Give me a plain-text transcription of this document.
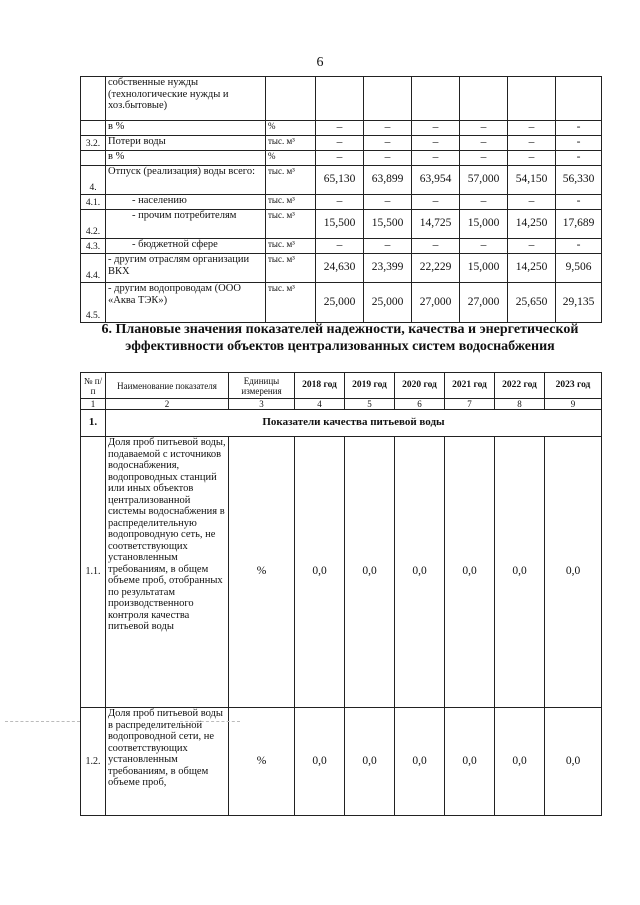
6
	собственные нужды (технологические нужды и хоз.бытовые)							
	в %	%	–	–	–	–	–	-
3.2.	Потери воды	тыс. м³	–	–	–	–	–	-
	в %	%	–	–	–	–	–	-
4.	Отпуск (реализация) воды всего:	тыс. м³	65,130	63,899	63,954	57,000	54,150	56,330
4.1.	- населению	тыс. м³	–	–	–	–	–	-
4.2.	- прочим потребителям	тыс. м³	15,500	15,500	14,725	15,000	14,250	17,689
4.3.	- бюджетной сфере	тыс. м³	–	–	–	–	–	-
4.4.	- другим отраслям организации ВКХ	тыс. м³	24,630	23,399	22,229	15,000	14,250	9,506
4.5.	- другим водопроводам (ООО «Аква ТЭК»)	тыс. м³	25,000	25,000	27,000	27,000	25,650	29,135
6. Плановые значения показателей надежности, качества и энергетической эффективности объектов централизованных систем водоснабжения
№ п/п	Наименование показателя	Единицы измерения	2018 год	2019 год	2020 год	2021 год	2022 год	2023 год
1	2	3	4	5	6	7	8	9
1.	Показатели качества питьевой воды							
1.1.	Доля проб питьевой воды, подаваемой с источников водоснабжения, водопроводных станций или иных объектов централизованной системы водоснабжения в распределительную водопроводную сеть, не соответствующих установленным требованиям, в общем объеме проб, отобранных по результатам производственного контроля качества питьевой воды	%	0,0	0,0	0,0	0,0	0,0	0,0
1.2.	Доля проб питьевой воды в распределительной водопроводной сети, не соответствующих установленным требованиям, в общем объеме проб,	%	0,0	0,0	0,0	0,0	0,0	0,0
